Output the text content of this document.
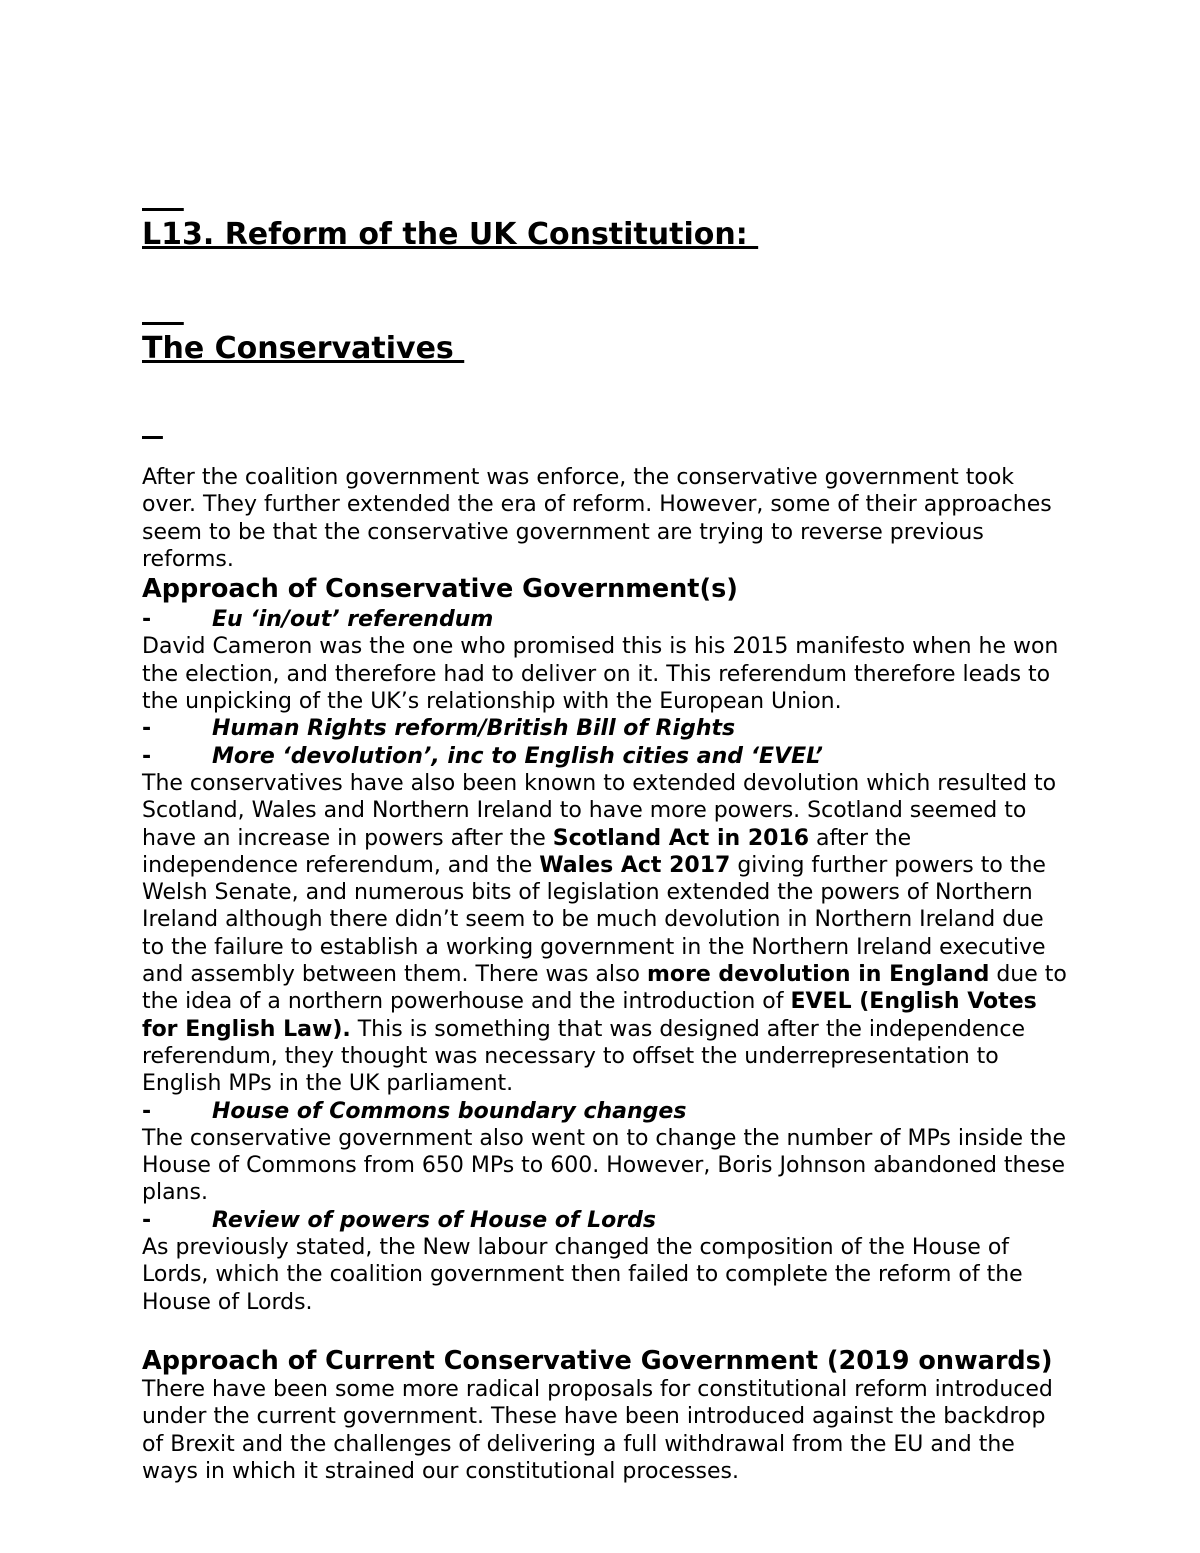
L13. Reform of the UK Constitution:

The Conservatives

After the coalition government was enforce, the conservative government took over. They further extended the era of reform. However, some of their approaches seem to be that the conservative government are trying to reverse previous reforms.

Approach of Conservative Government(s)
-	Eu ‘in/out’ referendum

David Cameron was the one who promised this is his 2015 manifesto when he won the election, and therefore had to deliver on it. This referendum therefore leads to the unpicking of the UK’s relationship with the European Union.

-	Human Rights reform/British Bill of Rights
-	More ‘devolution’, inc to English cities and ‘EVEL’

The conservatives have also been known to extended devolution which resulted to Scotland, Wales and Northern Ireland to have more powers. Scotland seemed to have an increase in powers after the Scotland Act in 2016 after the independence referendum, and the Wales Act 2017 giving further powers to the Welsh Senate, and numerous bits of legislation extended the powers of Northern Ireland although there didn’t seem to be much devolution in Northern Ireland due to the failure to establish a working government in the Northern Ireland executive and assembly between them. There was also more devolution in England due to the idea of a northern powerhouse and the introduction of EVEL (English Votes for English Law). This is something that was designed after the independence referendum, they thought was necessary to offset the underrepresentation to English MPs in the UK parliament.

-	House of Commons boundary changes

The conservative government also went on to change the number of MPs inside the House of Commons from 650 MPs to 600. However, Boris Johnson abandoned these plans.

-	Review of powers of House of Lords

As previously stated, the New labour changed the composition of the House of Lords, which the coalition government then failed to complete the reform of the House of Lords.

Approach of Current Conservative Government (2019 onwards)

There have been some more radical proposals for constitutional reform introduced under the current government. These have been introduced against the backdrop of Brexit and the challenges of delivering a full withdrawal from the EU and the ways in which it strained our constitutional processes.
